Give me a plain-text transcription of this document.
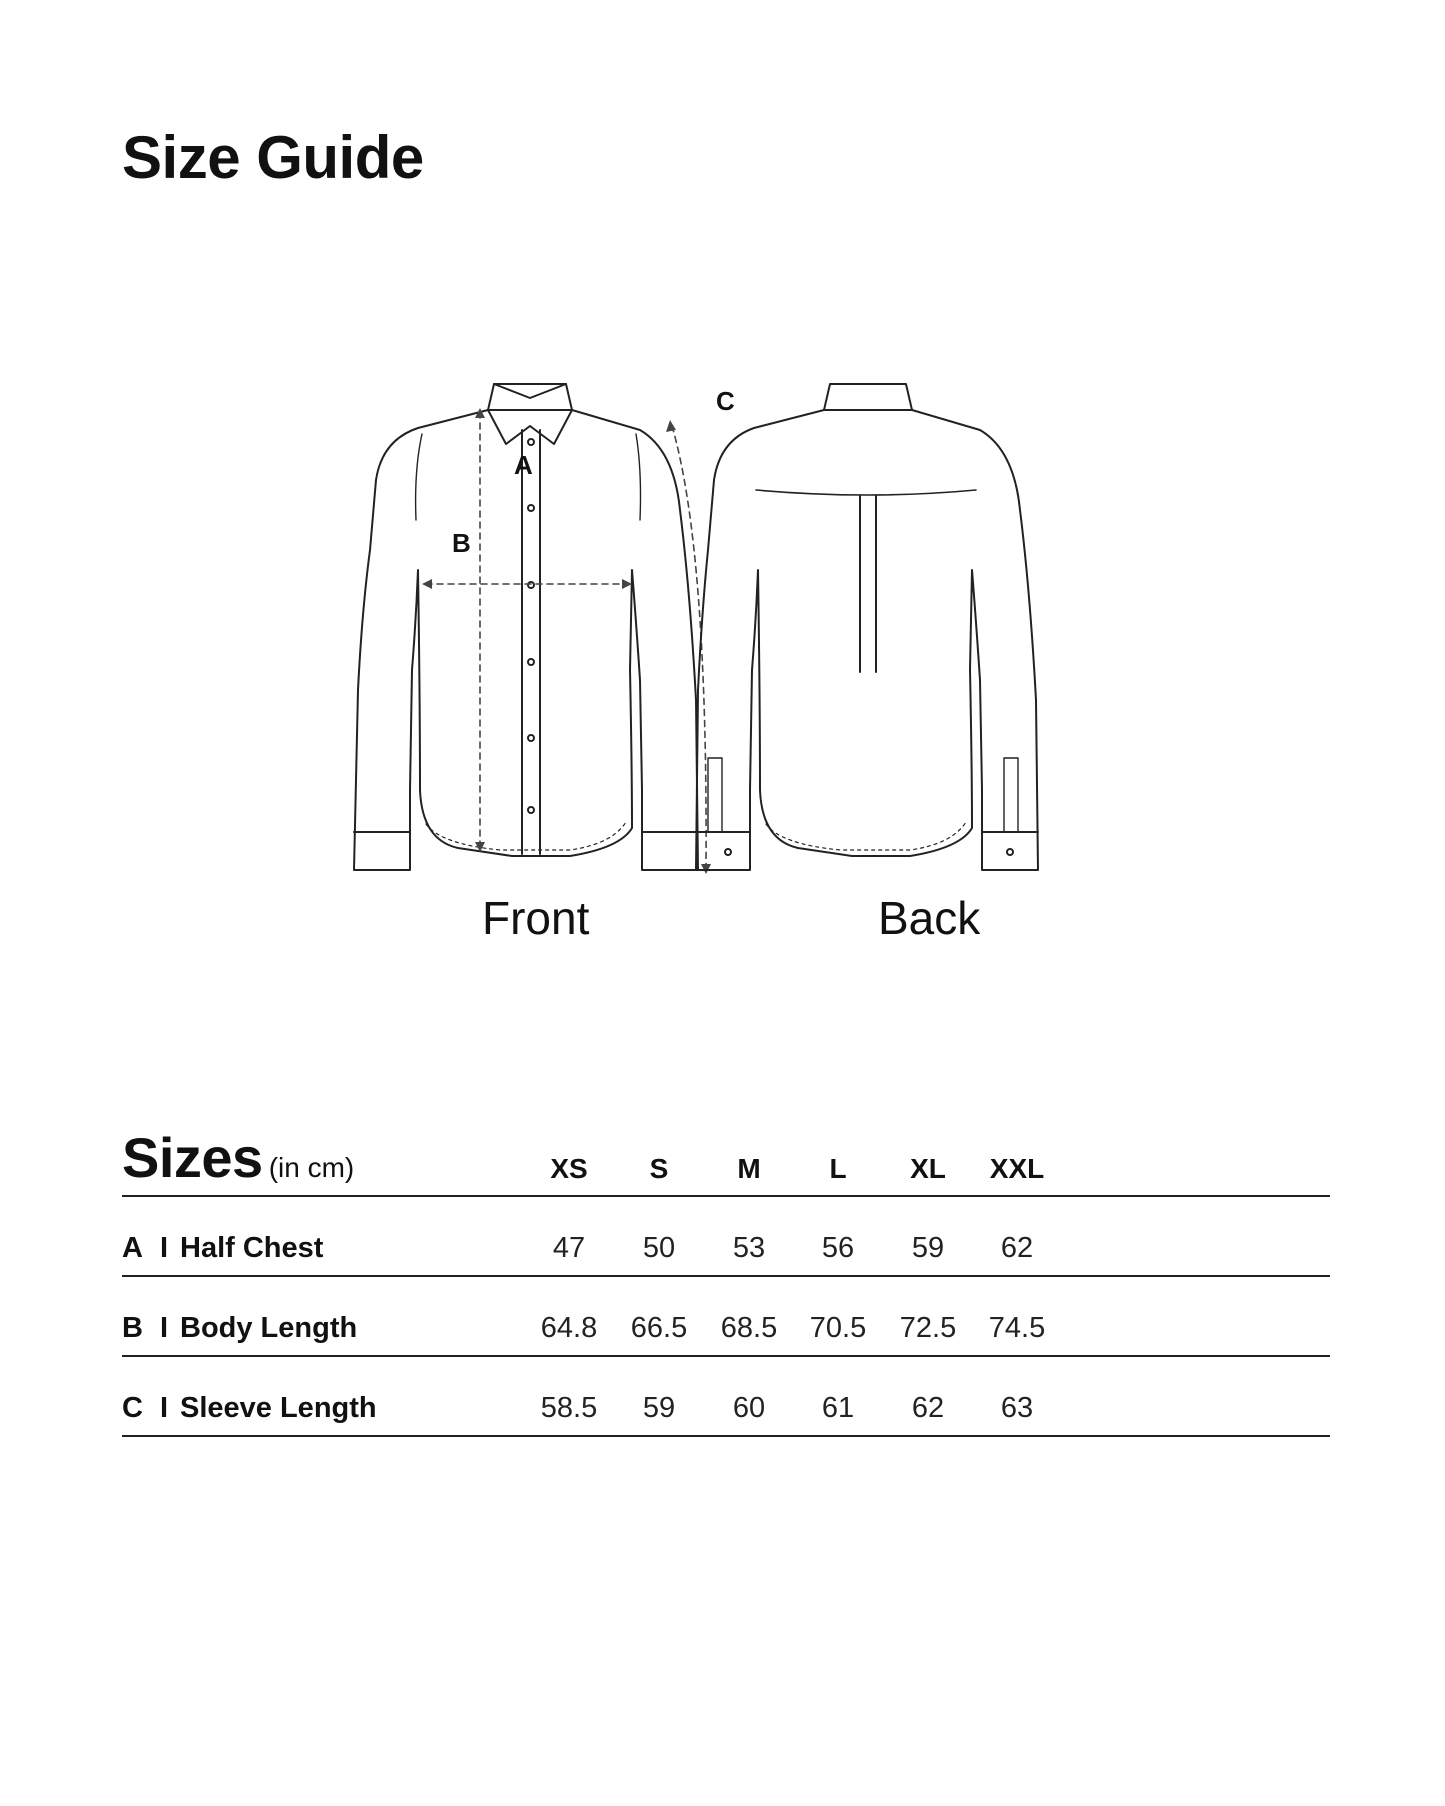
Size Guide
A
B
C
Front	Back
Sizes (in cm)	XS	S	M	L	XL	XXL
A I Half Chest	47	50	53	56	59	62
B I Body Length	64.8	66.5	68.5	70.5	72.5	74.5
C I Sleeve Length	58.5	59	60	61	62	63
